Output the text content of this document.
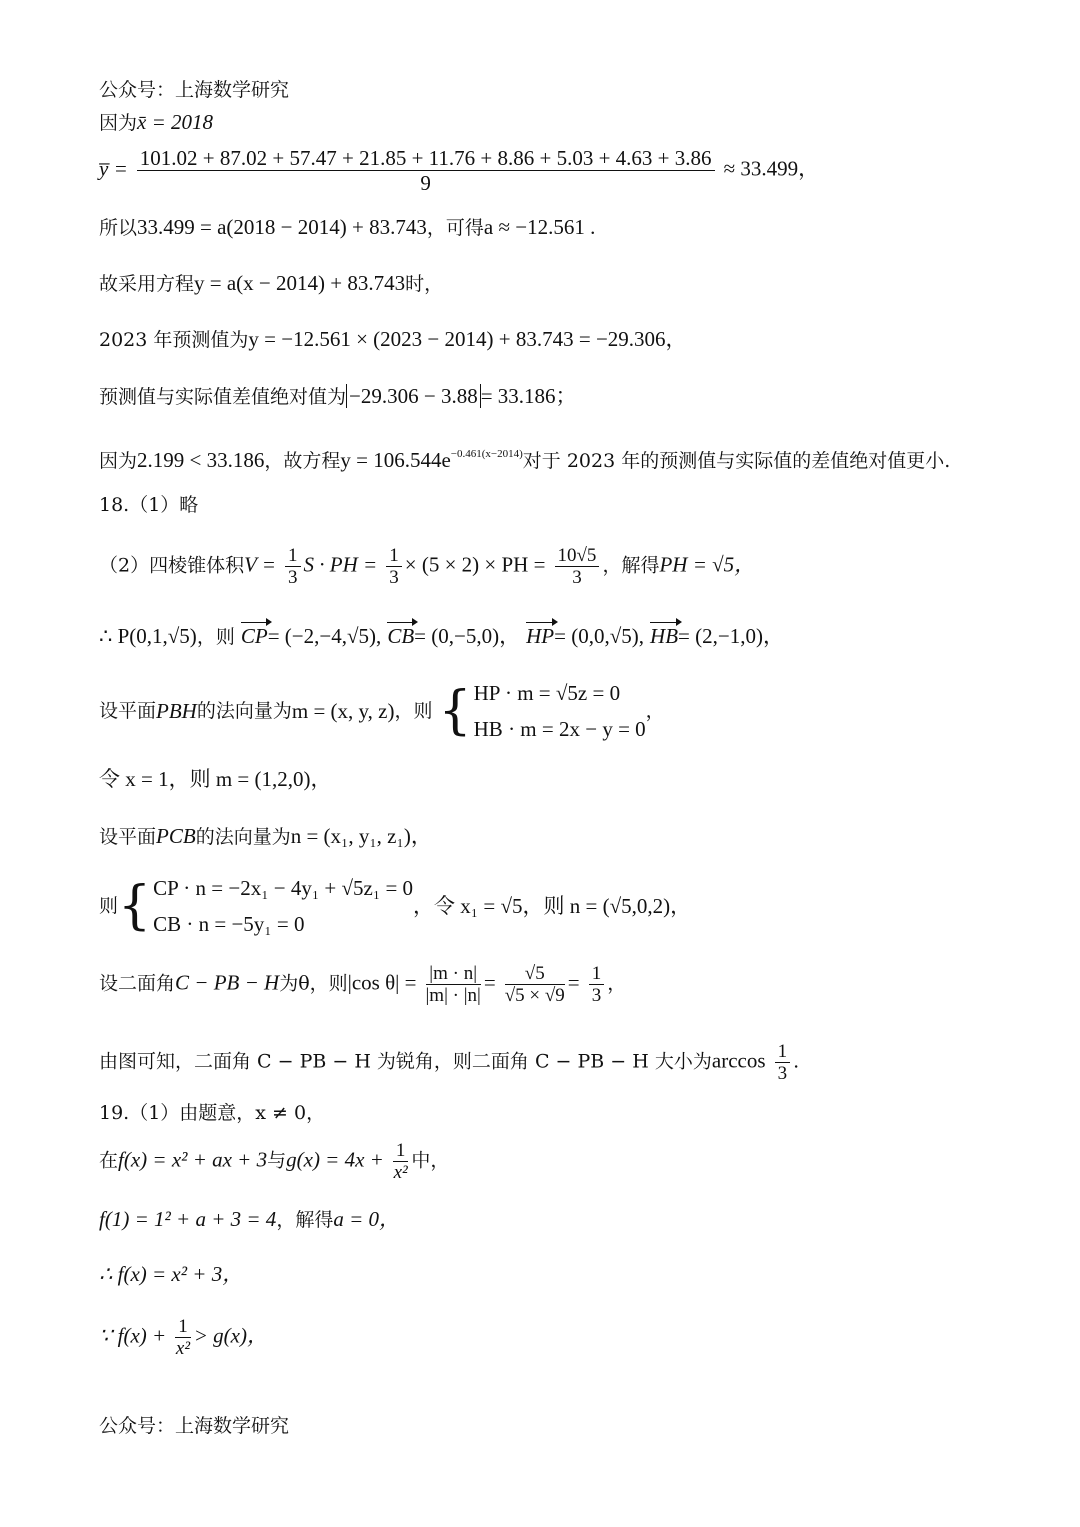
公众号：上海数学研究
因为x̄ = 2018
y̅ = 101.02 + 87.02 + 57.47 + 21.85 + 11.76 + 8.86 + 5.03 + 4.63 + 3.86
9
≈ 33.499，
所以33.499 = a(2018 − 2014) + 83.743，可得a ≈ −12.561 .
故采用方程y = a(x − 2014) + 83.743时，
2023 年预测值为y = −12.561 × (2023 − 2014) + 83.743 = −29.306，
预测值与实际值差值绝对值为 −29.306 − 3.88 = 33.186；
因为2.199 < 33.186，故方程$y = 106.544e^{-0.461(x-2014)}$对于 2023 年的预测值与实际值的差值绝对值更小.
18.（1）略
（2）四棱锥体积$V = \frac{1}{3}$ S · PH = $\frac{1}{3} \times (5 \times 2)$ × PH = $\frac{10√5}{3}$ ，解得PH = √5，
∴ P(0,1,√5)，则 CP= (−2,−4,√5), CB= (0,−5,0)， HP= (0,0,√5), HB= (2,−1,0)，
设平面PBH的法向量为m = (x, y, z)，则 { HP · m = √5z = 0
HB · m = 2x − y = 0
，
令 x = 1，则 m = (1,2,0)，
设平面PCB的法向量为n = (x₁, y₁, z₁)，
则{ CP · n = −2x₁ − 4y₁ + √5z₁ = 0
CB · n = −5y₁ = 0
，令 x₁ = √5，则 n = (√5,0,2)，
设二面角C − PB − H为θ，则|cos $\theta| = \frac{|m \cdot n|}{|m| \cdot |n|} = \frac{√5}{√5 \times √9} = \frac{1}{3}$ ，
由图可知，二面角 C − PB − H 为锐角，则二面角 C − PB − H 大小为$\arccos \frac{1}{3}$ .
19.（1）由题意，x ≠ 0，
在f(x) = x² + ax + 3与$g(x) = 4x + \frac{1}{\text{x²}}$ 中，
f(1) = 1² + a + 3 = 4，解得a = 0，
∴ f(x) = x² + 3，
∵ $f(x) + \frac{1}{\text{x²}} > g(x)$，
公众号：上海数学研究
